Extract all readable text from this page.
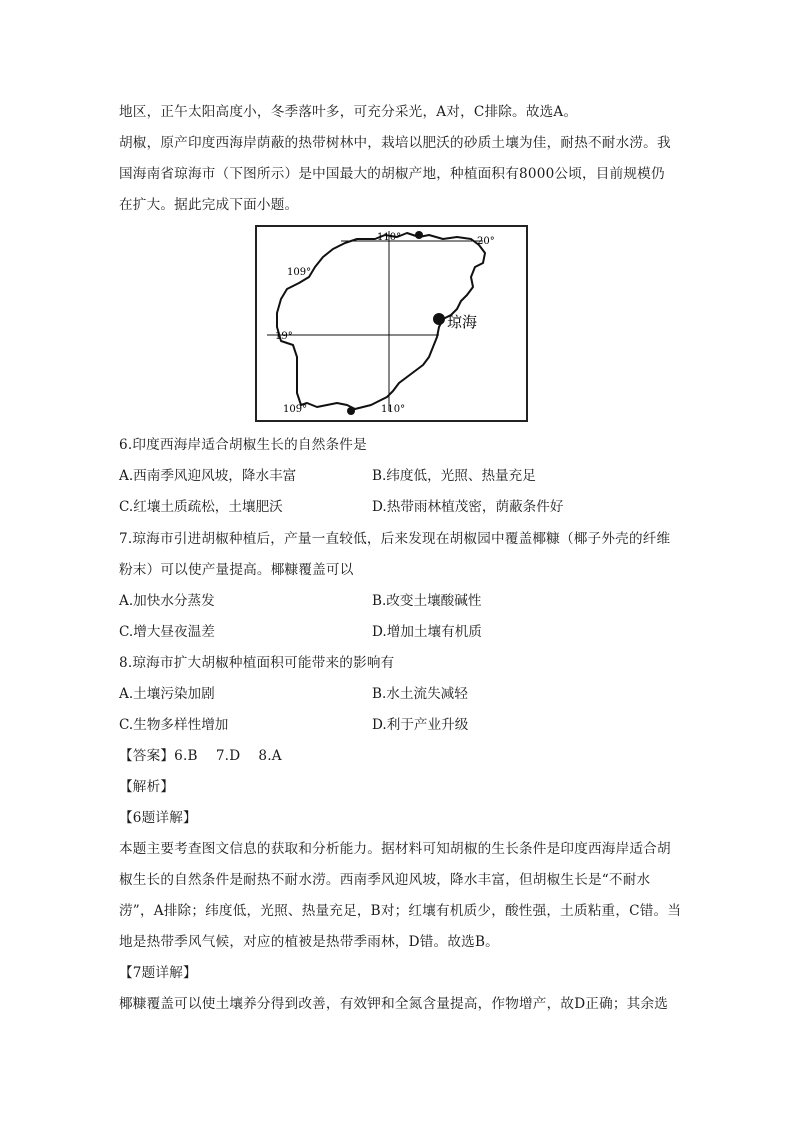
地区，正午太阳高度小，冬季落叶多，可充分采光，A对，C排除。故选A。
胡椒，原产印度西海岸荫蔽的热带树林中，栽培以肥沃的砂质土壤为佳，耐热不耐水涝。我
国海南省琼海市（下图所示）是中国最大的胡椒产地，种植面积有8000公顷，目前规模仍
在扩大。据此完成下面小题。
110°	20°
109°
19°
109°	110°
琼海
6.印度西海岸适合胡椒生长的自然条件是
A.西南季风迎风坡，降水丰富	B.纬度低，光照、热量充足
C.红壤土质疏松，土壤肥沃	D.热带雨林植茂密，荫蔽条件好
7.琼海市引进胡椒种植后，产量一直较低，后来发现在胡椒园中覆盖椰糠（椰子外壳的纤维
粉末）可以使产量提高。椰糠覆盖可以
A.加快水分蒸发	B.改变土壤酸碱性
C.增大昼夜温差	D.增加土壤有机质
8.琼海市扩大胡椒种植面积可能带来的影响有
A.土壤污染加剧	B.水土流失减轻
C.生物多样性增加	D.利于产业升级
【答案】6.B    7.D    8.A
【解析】
【6题详解】
本题主要考查图文信息的获取和分析能力。据材料可知胡椒的生长条件是印度西海岸适合胡
椒生长的自然条件是耐热不耐水涝。西南季风迎风坡，降水丰富，但胡椒生长是“不耐水
涝”，A排除；纬度低，光照、热量充足，B对；红壤有机质少，酸性强，土质粘重，C错。当
地是热带季风气候，对应的植被是热带季雨林，D错。故选B。
【7题详解】
椰糠覆盖可以使土壤养分得到改善，有效钾和全氮含量提高，作物增产，故D正确；其余选
